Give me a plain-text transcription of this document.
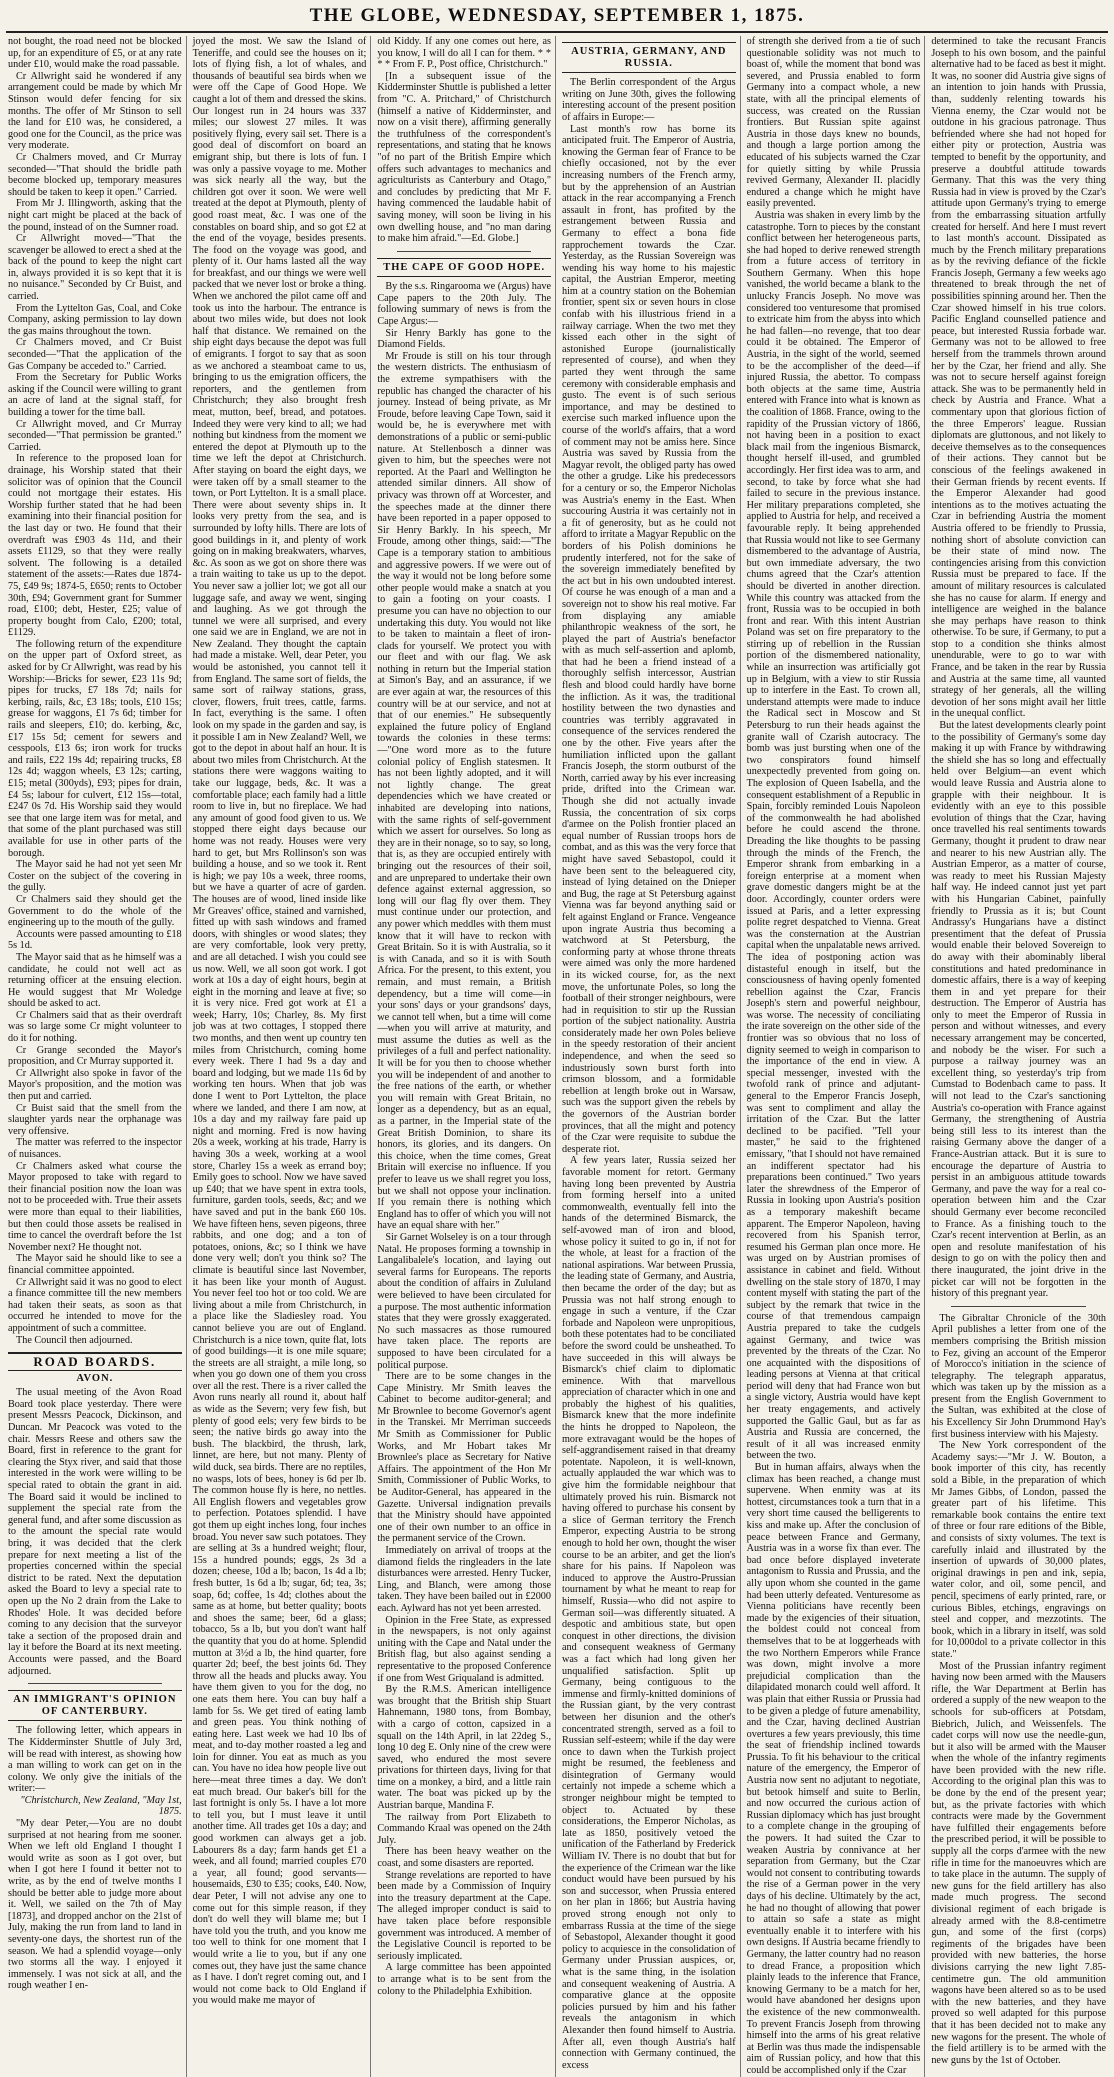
THE GLOBE, WEDNESDAY, SEPTEMBER 1, 1875.

not bought, the road need not be blocked up, for an expenditure of £5, or at any rate under £10, would make the road passable.

Cr Allwright said he wondered if any arrangement could be made by which Mr Stinson would defer fencing for six months. The offer of Mr Stinson to sell the land for £10 was, he considered, a good one for the Council, as the price was very moderate.

Cr Chalmers moved, and Cr Murray seconded—"That should the bridle path become blocked up, temporary measures should be taken to keep it open." Carried.

From Mr J. Illingworth, asking that the night cart might be placed at the back of the pound, instead of on the Sumner road.

Cr Allwright moved—"That the scavenger be allowed to erect a shed at the back of the pound to keep the night cart in, always provided it is so kept that it is no nuisance." Seconded by Cr Buist, and carried.

From the Lyttelton Gas, Coal, and Coke Company, asking permission to lay down the gas mains throughout the town.

Cr Chalmers moved, and Cr Buist seconded—"That the application of the Gas Company be acceded to." Carried.

From the Secretary for Public Works asking if the Council were willing to grant an acre of land at the signal staff, for building a tower for the time ball.

Cr Allwright moved, and Cr Murray seconded—"That permission be granted." Carried.

In reference to the proposed loan for drainage, his Worship stated that their solicitor was of opinion that the Council could not mortgage their estates. His Worship further stated that he had been examining into their financial position for the last day or two. He found that their overdraft was £903 4s 11d, and their assets £1129, so that they were really solvent. The following is a detailed statement of the assets:—Rates due 1874-75, £49 9s; 1874-5, £650; rents to October 30th, £94; Government grant for Summer road, £100; debt, Hester, £25; value of property bought from Calo, £200; total, £1129.

The following return of the expenditure on the upper part of Oxford street, as asked for by Cr Allwright, was read by his Worship:—Bricks for sewer, £23 11s 9d; pipes for trucks, £7 18s 7d; nails for kerbing, rails, &c, £3 18s; tools, £10 15s; grease for waggons, £1 7s 6d; timber for rails and sleepers, £10; do. kerbing, &c, £17 15s 5d; cement for sewers and cesspools, £13 6s; iron work for trucks and rails, £22 19s 4d; repairing trucks, £8 12s 4d; waggon wheels, £3 12s; carting, £15; metal (300yds), £93; pipes for drain, £4 5s; labour for culvert, £12 15s—total, £247 0s 7d. His Worship said they would see that one large item was for metal, and that some of the plant purchased was still available for use in other parts of the borough.

The Mayor said he had not yet seen Mr Coster on the subject of the covering in the gully.

Cr Chalmers said they should get the Government to do the whole of the engineering up to the mouth of the gully.

Accounts were passed amounting to £18 5s 1d.

The Mayor said that as he himself was a candidate, he could not well act as returning officer at the ensuing election. He would suggest that Mr Woledge should be asked to act.

Cr Chalmers said that as their overdraft was so large some Cr might volunteer to do it for nothing.

Cr Grange seconded the Mayor's proposition, and Cr Murray supported it.

Cr Allwright also spoke in favor of the Mayor's proposition, and the motion was then put and carried.

Cr Buist said that the smell from the slaughter yards near the orphanage was very offensive.

The matter was referred to the inspector of nuisances.

Cr Chalmers asked what course the Mayor proposed to take with regard to their financial position now the loan was not to be proceeded with. True their assets were more than equal to their liabilities, but then could those assets be realised in time to cancel the overdraft before the 1st November next? He thought not.

The Mayor said he should like to see a financial committee appointed.

Cr Allwright said it was no good to elect a finance committee till the new members had taken their seats, as soon as that occurred he intended to move for the appointment of such a committee.

The Council then adjourned.

ROAD BOARDS.
AVON.

The usual meeting of the Avon Road Board took place yesterday. There were present Messrs Peacock, Dickinson, and Duncan. Mr Peacock was voted to the chair. Messrs Reese and others saw the Board, first in reference to the grant for clearing the Styx river, and said that those interested in the work were willing to be special rated to obtain the grant in aid. The Board said it would be inclined to supplement the special rate from the general fund, and after some discussion as to the amount the special rate would bring, it was decided that the clerk prepare for next meeting a list of the properties concerned within the special district to be rated. Next the deputation asked the Board to levy a special rate to open up the No 2 drain from the Lake to Rhodes' Hole. It was decided before coming to any decision that the surveyor take a section of the proposed drain and lay it before the Board at its next meeting. Accounts were passed, and the Board adjourned.

AN IMMIGRANT'S OPINION OF CANTERBURY.

The following letter, which appears in The Kidderminster Shuttle of July 3rd, will be read with interest, as showing how a man willing to work can get on in the colony. We only give the initials of the writer:—

"Christchurch, New Zealand, "May 1st, 1875.

"My dear Peter,—You are no doubt surprised at not hearing from me sooner. When we left old England I thought I would write as soon as I got over, but when I got here I found it better not to write, as by the end of twelve months I should be better able to judge more about it. Well, we sailed on the 7th of May [1873], and dropped anchor on the 21st of July, making the run from land to land in seventy-one days, the shortest run of the season. We had a splendid voyage—only two storms all the way. I enjoyed it immensely. I was not sick at all, and the rough weather I en-

joyed the most. We saw the Island of Teneriffe, and could see the houses on it; lots of flying fish, a lot of whales, and thousands of beautiful sea birds when we were off the Cape of Good Hope. We caught a lot of them and dressed the skins. Our longest run in 24 hours was 337 miles; our slowest 27 miles. It was positively flying, every sail set. There is a good deal of discomfort on board an emigrant ship, but there is lots of fun. I was only a passive voyage to me. Mother was sick nearly all the way, but the children got over it soon. We were well treated at the depot at Plymouth, plenty of good roast meat, &c. I was one of the constables on board ship, and so got £2 at the end of the voyage, besides presents. The food on the voyage was good, and plenty of it. Our hams lasted all the way for breakfast, and our things we were well packed that we never lost or broke a thing. When we anchored the pilot came off and took us into the harbour. The entrance is about two miles wide, but does not look half that distance. We remained on the ship eight days because the depot was full of emigrants. I forgot to say that as soon as we anchored a steamboat came to us, bringing to us the emigration officers, the reporters, and the gentlemen from Christchurch; they also brought fresh meat, mutton, beef, bread, and potatoes. Indeed they were very kind to all; we had nothing but kindness from the moment we entered the depot at Plymouth up to the time we left the depot at Christchurch. After staying on board the eight days, we were taken off by a small steamer to the town, or Port Lyttelton. It is a small place. There were about seventy ships in. It looks very pretty from the sea, and is surrounded by lofty hills. There are lots of good buildings in it, and plenty of work going on in making breakwaters, wharves, &c. As soon as we got on shore there was a train waiting to take us up to the depot. You never saw a jollier lot; we got all our luggage safe, and away we went, singing and laughing. As we got through the tunnel we were all surprised, and every one said we are in England, we are not in New Zealand. They thought the captain had made a mistake. Well, dear Peter, you would be astonished, you cannot tell it from England. The same sort of fields, the same sort of railway stations, grass, clover, flowers, fruit trees, cattle, farms. In fact, everything is the same. I often look on my spade in the garden and say, is it possible I am in New Zealand? Well, we got to the depot in about half an hour. It is about two miles from Christchurch. At the stations there were waggons waiting to take our luggage, beds, &c. It was a comfortable place; each family had a little room to live in, but no fireplace. We had any amount of good food given to us. We stopped there eight days because our home was not ready. Houses were very hard to get, but Mrs Rollinson's son was building a house, and so we took it. Rent is high; we pay 10s a week, three rooms, but we have a quarter of acre of garden. The houses are of wood, lined inside like Mr Greaves' office, stained and varnished, fitted up with sash windows and framed doors, with shingles or wood slates; they are very comfortable, look very pretty, and are all detached. I wish you could see us now. Well, we all soon got work. I got work at 10s a day of eight hours, begin at eight in the morning and leave at five; so it is very nice. Fred got work at £1 a week; Harry, 10s; Charley, 8s. My first job was at two cottages, I stopped there two months, and then went up country ten miles from Christchurch, coming home every week. There I had 9s a day and board and lodging, but we made 11s 6d by working ten hours. When that job was done I went to Port Lyttelton, the place where we landed, and there I am now, at 10s a day and my railway fare paid up night and morning. Fred is now having 20s a week, working at his trade, Harry is having 30s a week, working at a wool store, Charley 15s a week as errand boy; Emily goes to school. Now we have saved up £40; that we have spent in extra tools, furniture, garden tools, seeds, &c; and we have saved and put in the bank £60 10s. We have fifteen hens, seven pigeons, three rabbits, and one dog; and a ton of potatoes, onions, &c; so I think we have done very well; don't you think so? The climate is beautiful since last November, it has been like your month of August. You never feel too hot or too cold. We are living about a mile from Christchurch, in a place like the Sladiesley road. You cannot believe you are out of England. Christchurch is a nice town, quite flat, lots of good buildings—it is one mile square; the streets are all straight, a mile long, so when you go down one of them you cross over all the rest. There is a river called the Avon runs nearly all round it, about half as wide as the Severn; very few fish, but plenty of good eels; very few birds to be seen; the native birds go away into the bush. The blackbird, the thrush, lark, linnet, are here, but not many. Plenty of wild duck, sea birds. There are no reptiles, no wasps, lots of bees, honey is 6d per lb. The common house fly is here, no nettles. All English flowers and vegetables grow to perfection. Potatoes splendid. I have got them up eight inches long, four inches broad. You never saw such potatoes. They are selling at 3s a hundred weight; flour, 15s a hundred pounds; eggs, 2s 3d a dozen; cheese, 10d a lb; bacon, 1s 4d a lb; fresh butter, 1s 6d a lb; sugar, 6d; tea, 3s; soap, 6d; coffee, 1s 4d; clothes about the same as at home, but better quality; boots and shoes the same; beer, 6d a glass; tobacco, 5s a lb, but you don't want half the quantity that you do at home. Splendid mutton at 3½d a lb, the hind quarter, fore quarter 2d; beef, the best joints 6d. They throw all the heads and plucks away. You have them given to you for the dog, no one eats them here. You can buy half a lamb for 5s. We get tired of eating lamb and green peas. You think nothing of eating here. Last week we had 10 lbs of meat, and to-day mother roasted a leg and loin for dinner. You eat as much as you can. You have no idea how people live out here—meat three times a day. We don't eat much bread. Our baker's bill for the last fortnight is only 5s. I have a lot more to tell you, but I must leave it until another time. All trades get 10s a day; and good workmen can always get a job. Labourers 8s a day; farm hands get £1 a week, and all found; married couples £70 a year, all found; good servants—housemaids, £30 to £35; cooks, £40. Now, dear Peter, I will not advise any one to come out for this simple reason, if they don't do well they will blame me; but I have told you the truth, and you know me too well to think for one moment that I would write a lie to you, but if any one comes out, they have just the same chance as I have. I don't regret coming out, and I would not come back to Old England if you would make me mayor of

old Kiddy. If any one comes out here, as you know, I will do all I can for them. * * * * From F. P., Post office, Christchurch."

[In a subsequent issue of the Kidderminster Shuttle is published a letter from "C. A. Pritchard," of Christchurch (himself a native of Kidderminster, and now on a visit there), affirming generally the truthfulness of the correspondent's representations, and stating that he knows "of no part of the British Empire which offers such advantages to mechanics and agriculturists as Canterbury and Otago," and concludes by predicting that Mr F. having commenced the laudable habit of saving money, will soon be living in his own dwelling house, and "no man daring to make him afraid."—Ed. Globe.]

THE CAPE OF GOOD HOPE.

By the s.s. Ringarooma we (Argus) have Cape papers to the 20th July. The following summary of news is from the Cape Argus:—

Sir Henry Barkly has gone to the Diamond Fields.

Mr Froude is still on his tour through the western districts. The enthusiasm of the extreme sympathisers with the republic has changed the character of his journey. Instead of being private, as Mr Froude, before leaving Cape Town, said it would be, he is everywhere met with demonstrations of a public or semi-public nature. At Stellenbosch a dinner was given to him, but the speeches were not reported. At the Paarl and Wellington he attended similar dinners. All show of privacy was thrown off at Worcester, and the speeches made at the dinner there have been reported in a paper opposed to Sir Henry Barkly. In his speech, Mr Froude, among other things, said:—"The Cape is a temporary station to ambitious and aggressive powers. If we were out of the way it would not be long before some other people would make a snatch at you to gain a footing on your coasts. I presume you can have no objection to our undertaking this duty. You would not like to be taken to maintain a fleet of iron-clads for yourself. We protect you with our fleet and with our flag. We ask nothing in return but the Imperial station at Simon's Bay, and an assurance, if we are ever again at war, the resources of this country will be at our service, and not at that of our enemies." He subsequently explained the future policy of England towards the colonies in these terms:—"One word more as to the future colonial policy of English statesmen. It has not been lightly adopted, and it will not lightly change. The great dependencies which we have created or inhabited are developing into nations, with the same rights of self-government which we assert for ourselves. So long as they are in their nonage, so to say, so long, that is, as they are occupied entirely with bringing out the resources of their soil, and are unprepared to undertake their own defence against external aggression, so long will our flag fly over them. They must continue under our protection, and any power which meddles with them must know that it will have to reckon with Great Britain. So it is with Australia, so it is with Canada, and so it is with South Africa. For the present, to this extent, you remain, and must remain, a British dependency, but a time will come—in your sons' days or your grandsons' days, we cannot tell when, but a time will come—when you will arrive at maturity, and must assume the duties as well as the privileges of a full and perfect nationality. It will be for you then to choose whether you will be independent of and another to the free nations of the earth, or whether you will remain with Great Britain, no longer as a dependency, but as an equal, as a partner, in the Imperial state of the Great British Dominion, to share its honors, its glories, and its dangers. On this choice, when the time comes, Great Britain will exercise no influence. If you prefer to leave us we shall regret you loss, but we shall not oppose your inclination. If you remain there is nothing which England has to offer of which you will not have an equal share with her."

Sir Garnet Wolseley is on a tour through Natal. He proposes forming a township in Langalibalele's location, and laying out several farms for Europeans. The reports about the condition of affairs in Zululand were believed to have been circulated for a purpose. The most authentic information states that they were grossly exaggerated. No such massacres as those rumoured have taken place. The reports are supposed to have been circulated for a political purpose.

There are to be some changes in the Cape Ministry. Mr Smith leaves the Cabinet to become auditor-general; and Mr Brownlee to become Governor's agent in the Transkei. Mr Merriman succeeds Mr Smith as Commissioner for Public Works, and Mr Hobart takes Mr Brownlee's place as Secretary for Native Affairs. The appointment of the Hon Mr Smith, Commissioner of Public Works, to be Auditor-General, has appeared in the Gazette. Universal indignation prevails that the Ministry should have appointed one of their own number to an office in the permanent service of the Crown.

Immediately on arrival of troops at the diamond fields the ringleaders in the late disturbances were arrested. Henry Tucker, Ling, and Blanch, were among those taken. They have been bailed out in £2000 each. Aylward has not yet been arrested.

Opinion in the Free State, as expressed in the newspapers, is not only against uniting with the Cape and Natal under the British flag, but also against sending a representative to the proposed Conference if one from West Griqualand is admitted.

By the R.M.S. American intelligence was brought that the British ship Stuart Hahnemann, 1980 tons, from Bombay, with a cargo of cotton, capsized in a squall on the 14th April, in lat 22deg S., long 10 deg E. Only nine of the crew were saved, who endured the most severe privations for thirteen days, living for that time on a monkey, a bird, and a little rain water. The boat was picked up by the Austrian barque, Mandina F.

The railway from Port Elizabeth to Commando Kraal was opened on the 24th July.

There has been heavy weather on the coast, and some disasters are reported.

Strange revelations are reported to have been made by a Commission of Inquiry into the treasury department at the Cape. The alleged improper conduct is said to have taken place before responsible government was introduced. A member of the Legislative Council is reported to be seriously implicated.

A large committee has been appointed to arrange what is to be sent from the colony to the Philadelphia Exhibition.

AUSTRIA, GERMANY, AND RUSSIA.

The Berlin correspondent of the Argus writing on June 30th, gives the following interesting account of the present position of affairs in Europe:—

Last month's row has borne its anticipated fruit. The Emperor of Austria, knowing the German fear of France to be chiefly occasioned, not by the ever increasing numbers of the French army, but by the apprehension of an Austrian attack in the rear accompanying a French assault in front, has profited by the estrangement between Russia and Germany to effect a bona fide rapprochement towards the Czar. Yesterday, as the Russian Sovereign was wending his way home to his majestic capital, the Austrian Emperor, meeting him at a country station on the Bohemian frontier, spent six or seven hours in close confab with his illustrious friend in a railway carriage. When the two met they kissed each other in the sight of astonished Europe (journalistically represented of course), and when they parted they went through the same ceremony with considerable emphasis and gusto. The event is of such serious importance, and may be destined to exercise such marked influence upon the course of the world's affairs, that a word of comment may not be amiss here. Since Austria was saved by Russia from the Magyar revolt, the obliged party has owed the other a grudge. Like his predecessors for a century or so, the Emperor Nicholas was Austria's enemy in the East. When succouring Austria it was certainly not in a fit of generosity, but as he could not afford to irritate a Magyar Republic on the borders of his Polish dominions he prudently interfered, not for the sake of the sovereign immediately benefited by the act but in his own undoubted interest. Of course he was enough of a man and a sovereign not to show his real motive. Far from displaying any amiable philanthropic weakness of the sort, he played the part of Austria's benefactor with as much self-assertion and aplomb, that had he been a friend instead of a thoroughly selfish intercessor, Austrian flesh and blood could hardly have borne the infliction. As it was, the traditional hostility between the two dynasties and countries was terribly aggravated in consequence of the services rendered the one by the other. Five years after the humiliation inflicted upon the gallant Francis Joseph, the storm outburst of the North, carried away by his ever increasing pride, drifted into the Crimean war. Though she did not actually invade Russia, the concentration of six corps d'armee on the Polish frontier placed an equal number of Russian troops hors de combat, and as this was the very force that might have saved Sebastopol, could it have been sent to the beleaguered city, instead of lying detained on the Dnieper and Bug, the rage at St Petersburg against Vienna was far beyond anything said or felt against England or France. Vengeance upon ingrate Austria thus becoming a watchword at St Petersburg, the conforming party at whose throne threats were aimed was only the more hardened in its wicked course, for, as the next move, the unfortunate Poles, so long the football of their stronger neighbours, were had in requisition to stir up the Russian portion of the subject nationality. Austria considerately made her own Poles believe in the speedy restoration of their ancient independence, and when the seed so industriously sown burst forth into crimson blossom, and a formidable rebellion at length broke out in Warsaw, such was the support given the rebels by the governors of the Austrian border provinces, that all the might and potency of the Czar were requisite to subdue the desperate riot.

A few years later, Russia seized her favorable moment for retort. Germany having long been prevented by Austria from forming herself into a united commonwealth, eventually fell into the hands of the determined Bismarck, the self-avowed man of iron and blood, whose policy it suited to go in, if not for the whole, at least for a fraction of the national aspirations. War between Prussia, the leading state of Germany, and Austria, then became the order of the day; but as Prussia was not half strong enough to engage in such a venture, if the Czar forbade and Napoleon were unpropitious, both these potentates had to be conciliated before the sword could be unsheathed. To have succeeded in this will always be Bismarck's chief claim to diplomatic eminence. With that marvellous appreciation of character which in one and probably the highest of his qualities, Bismarck knew that the more indefinite the hints he dropped to Napoleon, the more extravagant would be the hopes of self-aggrandisement raised in that dreamy potentate. Napoleon, it is well-known, actually applauded the war which was to give him the formidable neighbour that ultimately proved his ruin. Bismarck not having offered to purchase his consent by a slice of German territory the French Emperor, expecting Austria to be strong enough to hold her own, thought the wiser course to be an arbiter, and get the lion's share for his pains. If Napoleon was induced to approve the Austro-Prussian tournament by what he meant to reap for himself, Russia—who did not aspire to German soil—was differently situated. A despotic and ambitious state, but open conquest in other directions, the division and consequent weakness of Germany was a fact which had long given her unqualified satisfaction. Split up Germany, being contiguous to the immense and firmly-knitted dominions of the Russian giant, by the very contrast between her disunion and the other's concentrated strength, served as a foil to Russian self-esteem; while if the day were once to dawn when the Turkish project might be resumed, the feebleness and disintegration of Germany would certainly not impede a scheme which a stronger neighbour might be tempted to object to. Actuated by these considerations, the Emperor Nicholas, as late as 1850, positively vetoed the unification of the Fatherland by Frederick William IV. There is no doubt that but for the experience of the Crimean war the like conduct would have been pursued by his son and successor, when Prussia entered on her plan in 1866; but Austria having proved strong enough not only to embarrass Russia at the time of the siege of Sebastopol, Alexander thought it good policy to acquiesce in the consolidation of Germany under Prussian auspices, or, what is the same thing, in the isolation and consequent weakening of Austria. A comparative glance at the opposite policies pursued by him and his father reveals the antagonism in which Alexander then found himself to Austria. After all, even though Austria's half connection with Germany continued, the excess

of strength she derived from a tie of such questionable solidity was not much to boast of, while the moment that bond was severed, and Prussia enabled to form Germany into a compact whole, a new state, with all the principal elements of success, was created on the Russian frontiers. But Russian spite against Austria in those days knew no bounds, and though a large portion among the educated of his subjects warned the Czar for quietly sitting by while Prussia revived Germany, Alexander II. placidly endured a change which he might have easily prevented.

Austria was shaken in every limb by the catastrophe. Torn to pieces by the constant conflict between her heterogeneous parts, she had hoped to derive renewed strength from a future access of territory in Southern Germany. When this hope vanished, the world became a blank to the unlucky Francis Joseph. No move was considered too venturesome that promised to extricate him from the abyss into which he had fallen—no revenge, that too dear could it be obtained. The Emperor of Austria, in the sight of the world, seemed to be the accomplisher of the deed—if injured Russia, the abettor. To compass both objects at the same time, Austria entered with France into what is known as the coalition of 1868. France, owing to the rapidity of the Prussian victory of 1866, not having been in a position to exact black mail from the ingenious Bismarck, thought herself ill-used, and grumbled accordingly. Her first idea was to arm, and second, to take by force what she had failed to secure in the previous instance. Her military preparations completed, she applied to Austria for help, and received a favourable reply. It being apprehended that Russia would not like to see Germany dismembered to the advantage of Austria, but own immediate adversary, the two chums agreed that the Czar's attention should be diverted in another direction. While this country was attacked from the front, Russia was to be occupied in both front and rear. With this intent Austrian Poland was set on fire preparatory to the stirring up of rebellion in the Russian portion of the dismembered nationality, while an insurrection was artificially got up in Belgium, with a view to stir Russia up to interfere in the East. To crown all, understand attempts were made to induce the Radical sect in Moscow and St Petersburg to run their heads against the granite wall of Czarish autocracy. The bomb was just bursting when one of the two conspirators found himself unexpectedly prevented from going on. The explosion of Queen Isabella, and the consequent establishment of a Republic in Spain, forcibly reminded Louis Napoleon of the commonwealth he had abolished before he could ascend the throne. Dreading the like thoughts to be passing through the minds of the French, the Emperor shrank from embarking in a foreign enterprise at a moment when grave domestic dangers might be at the door. Accordingly, counter orders were issued at Paris, and a letter expressing polite regret despatched to Vienna. Great was the consternation at the Austrian capital when the unpalatable news arrived. The idea of postponing action was distasteful enough in itself, but the consciousness of having openly fomented rebellion against the Czar, Francis Joseph's stern and powerful neighbour, was worse. The necessity of conciliating the irate sovereign on the other side of the frontier was so obvious that no loss of dignity seemed to weigh in comparison to the importance of the end in view. A special messenger, invested with the twofold rank of prince and adjutant-general to the Emperor Francis Joseph, was sent to compliment and allay the irritation of the Czar. But the latter declined to be pacified. "Tell your master," he said to the frightened emissary, "that I should not have remained an indifferent spectator had his preparations been continued." Two years later the shrewdness of the Emperor of Russia in looking upon Austria's position as a temporary makeshift became apparent. The Emperor Napoleon, having recovered from his Spanish terror, resumed his German plan once more. He was urged on by Austrian promises of assistance in cabinet and field. Without dwelling on the stale story of 1870, I may content myself with stating the part of the subject by the remark that twice in the course of that tremendous campaign Austria prepared to take the cudgels against Germany, and twice was prevented by the threats of the Czar. No one acquainted with the dispositions of leading persons at Vienna at that critical period will deny that had France won but a single victory, Austria would have kept her treaty engagements, and actively supported the Gallic Gaul, but as far as Austria and Russia are concerned, the result of it all was increased enmity between the two.

But in human affairs, always when the climax has been reached, a change must supervene. When enmity was at its hottest, circumstances took a turn that in a very short time caused the belligerents to kiss and make up. After the conclusion of peace between France and Germany, Austria was in a worse fix than ever. The bad once before displayed inveterate antagonism to Russia and Prussia, and the ally upon whom she counted in the game had been utterly defeated. Venturesome as Vienna politicians have recently been made by the exigencies of their situation, the boldest could not conceal from themselves that to be at loggerheads with the two Northern Emperors while France was down, might involve a more prejudicial complication than the dilapidated monarch could well afford. It was plain that either Russia or Prussia had to be given a pledge of future amenability, and the Czar, having declined Austrian overtures a few years previously, this time the seat of friendship inclined towards Prussia. To fit his behaviour to the critical nature of the emergency, the Emperor of Austria now sent no adjutant to negotiate, but betook himself and suite to Berlin, and now occurred the curious action of Russian diplomacy which has just brought to a complete change in the grouping of the powers. It had suited the Czar to weaken Austria by connivance at her separation from Germany, but the Czar would not consent to contributing towards the rise of a German power in the very days of his decline. Ultimately by the act, he had no thought of allowing that power to attain so safe a state as might eventually enable it to interfere with his own designs. If Austria became friendly to Germany, the latter country had no reason to dread France, a proposition which plainly leads to the inference that France, knowing Germany to be a match for her, would have abandoned her designs upon the existence of the new commonwealth. To prevent Francis Joseph from throwing himself into the arms of his great relative at Berlin was thus made the indispensable aim of Russian policy, and how that this could be accomplished only if the Czar

determined to take the recusant Francis Joseph to his own bosom, and the painful alternative had to be faced as best it might. It was, no sooner did Austria give signs of an intention to join hands with Prussia, than, suddenly relenting towards his Vienna enemy, the Czar would not be outdone in his gracious patronage. Thus befriended where she had not hoped for either pity or protection, Austria was tempted to benefit by the opportunity, and preserve a doubtful attitude towards Germany. That this was the very thing Russia had in view is proved by the Czar's attitude upon Germany's trying to emerge from the embarrassing situation artfully created for herself. And here I must revert to last month's account. Dissipated as much by the French military preparations as by the reviving defiance of the fickle Francis Joseph, Germany a few weeks ago threatened to break through the net of possibilities spinning around her. Then the Czar showed himself in his true colors. Pacific England counselled patience and peace, but interested Russia forbade war. Germany was not to be allowed to free herself from the trammels thrown around her by the Czar, her friend and ally. She was not to secure herself against foreign attack. She was to be permanently held in check by Austria and France. What a commentary upon that glorious fiction of the three Emperors' league. Russian diplomats are gluttonous, and not likely to deceive themselves as to the consequences of their actions. They cannot but be conscious of the feelings awakened in their German friends by recent events. If the Emperor Alexander had good intentions as to the motives actuating the Czar in befriending Austria the moment Austria offered to be friendly to Prussia, nothing short of absolute conviction can be their state of mind now. The contingencies arising from this conviction Russia must be prepared to face. If the amount of military resources is calculated she has no cause for alarm. If energy and intelligence are weighed in the balance she may perhaps have reason to think otherwise. To be sure, if Germany, to put a stop to a condition she thinks almost unendurable, were to go to war with France, and be taken in the rear by Russia and Austria at the same time, all vaunted strategy of her generals, all the willing devotion of her sons might avail her little in the unequal conflict.

But the latest developments clearly point to the possibility of Germany's some day making it up with France by withdrawing the shield she has so long and effectually held over Belgium—an event which would leave Russia and Austria alone to grapple with their neighbour. It is evidently with an eye to this possible evolution of things that the Czar, having once travelled his real sentiments towards Germany, thought it prudent to draw near and nearer to his new Austrian ally. The Austrian Emperor, as a matter of course, was ready to meet his Russian Majesty half way. He indeed cannot just yet part with his Hungarian Cabinet, painfully friendly to Prussia as it is; but Count Andrassy's Hungarians have a distinct presentiment that the defeat of Prussia would enable their beloved Sovereign to do away with their abominably liberal constitutions and hated predominance in domestic affairs, there is a way of keeping them in and yet prepare for their destruction. The Emperor of Austria has only to meet the Emperor of Russia in person and without witnesses, and every necessary arrangement may be concerted, and nobody be the wiser. For such a purpose a railway journey was an excellent thing, so yesterday's trip from Cumstad to Bodenbach came to pass. It will not lead to the Czar's sanctioning Austria's co-operation with France against Germany, the strengthening of Austria being still less to its interest than the raising Germany above the danger of a France-Austrian attack. But it is sure to encourage the departure of Austria to persist in an ambiguous attitude towards Germany, and pave the way for a real co-operation between him and the Czar should Germany ever become reconciled to France. As a finishing touch to the Czar's recent intervention at Berlin, as an open and resolute manifestation of his design to go on with the policy then and there inaugurated, the joint drive in the picket car will not be forgotten in the history of this pregnant year.

The Gibraltar Chronicle of the 30th April publishes a letter from one of the members comprising the British mission to Fez, giving an account of the Emperor of Morocco's initiation in the science of telegraphy. The telegraph apparatus, which was taken up by the mission as a present from the English Government to the Sultan, was exhibited at the close of his Excellency Sir John Drummond Hay's first business interview with his Majesty.

The New York correspondent of the Academy says:—"Mr J. W. Bouton, a book importer of this city, has recently sold a Bible, in the preparation of which Mr James Gibbs, of London, passed the greater part of his lifetime. This remarkable book contains the entire text of three or four rare editions of the Bible, and consists of sixty volumes. The text is carefully inlaid and illustrated by the insertion of upwards of 30,000 plates, original drawings in pen and ink, sepia, water color, and oil, some pencil, and pencil, specimens of early printed, rare, or curious Bibles, etchings, engravings on steel and copper, and mezzotints. The book, which in a library in itself, was sold for 10,000dol to a private collector in this state."

Most of the Prussian infantry regiment having now been armed with the Mausers rifle, the War Department at Berlin has ordered a supply of the new weapon to the schools for sub-officers at Potsdam, Biebrich, Julich, and Weissenfels. The cadet corps will now use the needle-gun, but it also will be armed with the Mauser when the whole of the infantry regiments have been provided with the new rifle. According to the original plan this was to be done by the end of the present year; but, as the private factories with which contracts were made by the Government have fulfilled their engagements before the prescribed period, it will be possible to supply all the corps d'armee with the new rifle in time for the manoeuvres which are to take place in the autumn. The supply of new guns for the field artillery has also made much progress. The second divisional regiment of each brigade is already armed with the 8.8-centimetre gun, and some of the first (corps) regiments of the brigades have been provided with new batteries, the horse divisions carrying the new light 7.85-centimetre gun. The old ammunition wagons have been altered so as to be used with the new batteries, and they have proved so well adapted for this purpose that it has been decided not to make any new wagons for the present. The whole of the field artillery is to be armed with the new guns by the 1st of October.
